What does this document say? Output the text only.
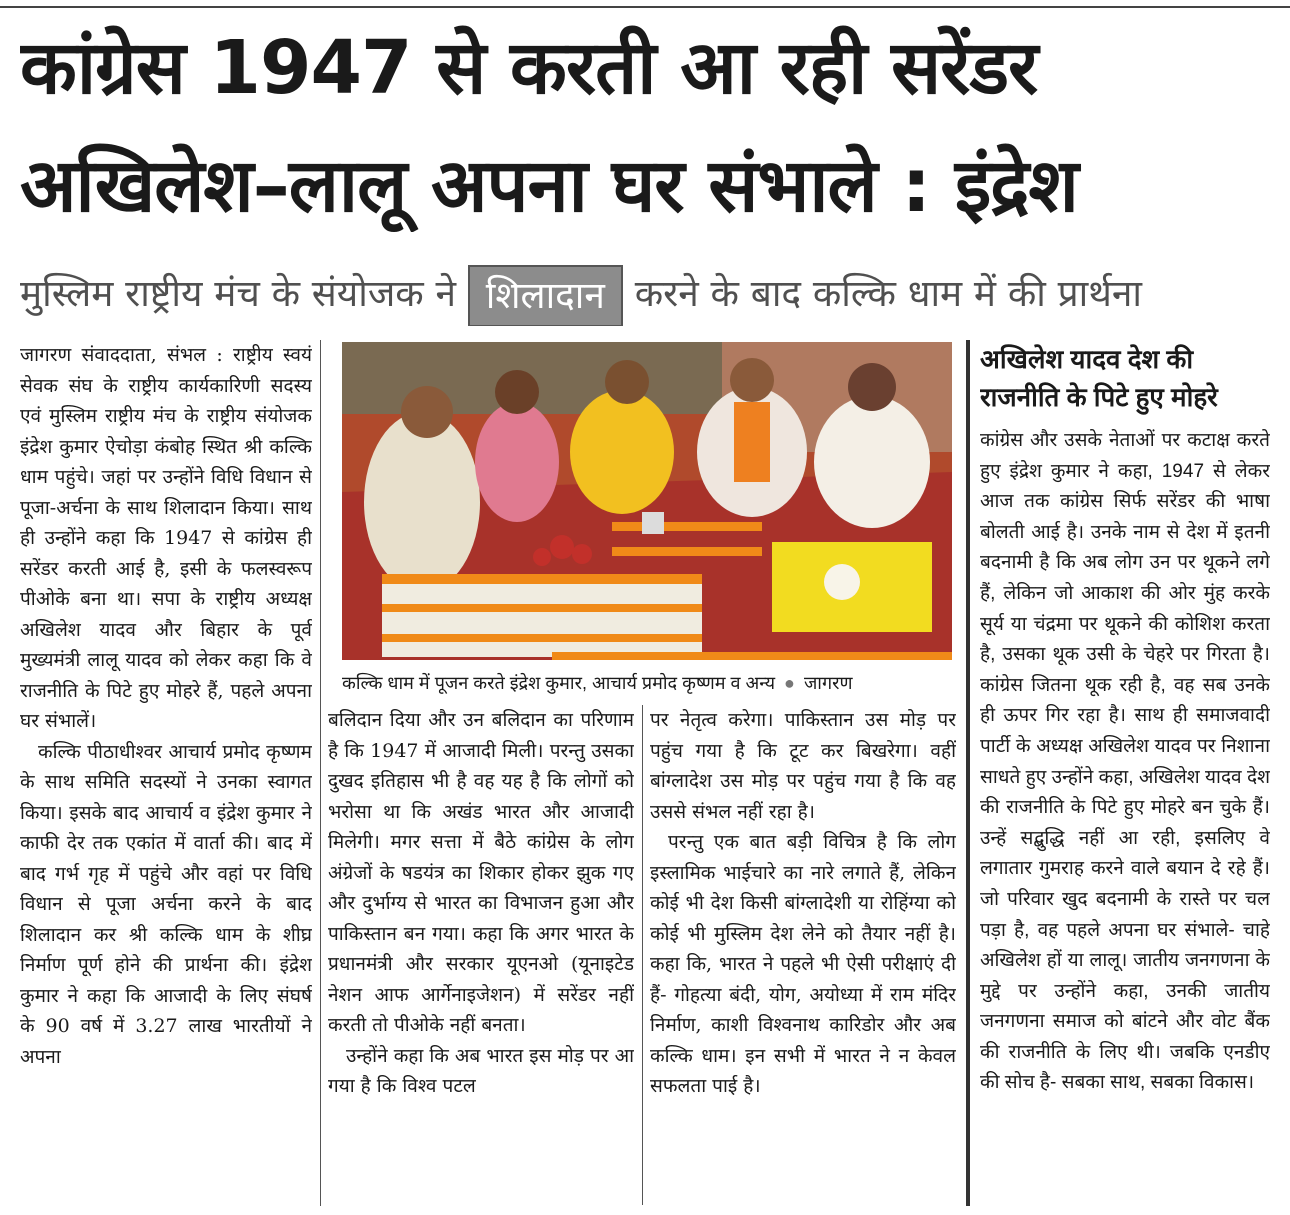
कांग्रेस 1947 से करती आ रही सरेंडर
अखिलेश–लालू अपना घर संभाले : इंद्रेश
मुस्लिम राष्ट्रीय मंच के संयोजक ने शिलादान करने के बाद कल्कि धाम में की प्रार्थना

जागरण संवाददाता, संभल : राष्ट्रीय स्वयं सेवक संघ के राष्ट्रीय कार्यकारिणी सदस्य एवं मुस्लिम राष्ट्रीय मंच के राष्ट्रीय संयोजक इंद्रेश कुमार ऐचोड़ा कंबोह स्थित श्री कल्कि धाम पहुंचे। जहां पर उन्होंने विधि विधान से पूजा-अर्चना के साथ शिलादान किया। साथ ही उन्होंने कहा कि 1947 से कांग्रेस ही सरेंडर करती आई है, इसी के फलस्वरूप पीओके बना था। सपा के राष्ट्रीय अध्यक्ष अखिलेश यादव और बिहार के पूर्व मुख्यमंत्री लालू यादव को लेकर कहा कि वे राजनीति के पिटे हुए मोहरे हैं, पहले अपना घर संभालें।

कल्कि पीठाधीश्वर आचार्य प्रमोद कृष्णम के साथ समिति सदस्यों ने उनका स्वागत किया। इसके बाद आचार्य व इंद्रेश कुमार ने काफी देर तक एकांत में वार्ता की। बाद में बाद गर्भ गृह में पहुंचे और वहां पर विधि विधान से पूजा अर्चना करने के बाद शिलादान कर श्री कल्कि धाम के शीघ्र निर्माण पूर्ण होने की प्रार्थना की। इंद्रेश कुमार ने कहा कि आजादी के लिए संघर्ष के 90 वर्ष में 3.27 लाख भारतीयों ने अपना

कल्कि धाम में पूजन करते इंद्रेश कुमार, आचार्य प्रमोद कृष्णम व अन्य ● जागरण

बलिदान दिया और उन बलिदान का परिणाम है कि 1947 में आजादी मिली। परन्तु उसका दुखद इतिहास भी है वह यह है कि लोगों को भरोसा था कि अखंड भारत और आजादी मिलेगी। मगर सत्ता में बैठे कांग्रेस के लोग अंग्रेजों के षडयंत्र का शिकार होकर झुक गए और दुर्भाग्य से भारत का विभाजन हुआ और पाकिस्तान बन गया। कहा कि अगर भारत के प्रधानमंत्री और सरकार यूएनओ (यूनाइटेड नेशन आफ आर्गेनाइजेशन) में सरेंडर नहीं करती तो पीओके नहीं बनता।

उन्होंने कहा कि अब भारत इस मोड़ पर आ गया है कि विश्व पटल

पर नेतृत्व करेगा। पाकिस्तान उस मोड़ पर पहुंच गया है कि टूट कर बिखरेगा। वहीं बांग्लादेश उस मोड़ पर पहुंच गया है कि वह उससे संभल नहीं रहा है।

परन्तु एक बात बड़ी विचित्र है कि लोग इस्लामिक भाईचारे का नारे लगाते हैं, लेकिन कोई भी देश किसी बांग्लादेशी या रोहिंग्या को कोई भी मुस्लिम देश लेने को तैयार नहीं है। कहा कि, भारत ने पहले भी ऐसी परीक्षाएं दी हैं- गोहत्या बंदी, योग, अयोध्या में राम मंदिर निर्माण, काशी विश्वनाथ कारिडोर और अब कल्कि धाम। इन सभी में भारत ने न केवल सफलता पाई है।

अखिलेश यादव देश की राजनीति के पिटे हुए मोहरे
कांग्रेस और उसके नेताओं पर कटाक्ष करते हुए इंद्रेश कुमार ने कहा, 1947 से लेकर आज तक कांग्रेस सिर्फ सरेंडर की भाषा बोलती आई है। उनके नाम से देश में इतनी बदनामी है कि अब लोग उन पर थूकने लगे हैं, लेकिन जो आकाश की ओर मुंह करके सूर्य या चंद्रमा पर थूकने की कोशिश करता है, उसका थूक उसी के चेहरे पर गिरता है। कांग्रेस जितना थूक रही है, वह सब उनके ही ऊपर गिर रहा है। साथ ही समाजवादी पार्टी के अध्यक्ष अखिलेश यादव पर निशाना साधते हुए उन्होंने कहा, अखिलेश यादव देश की राजनीति के पिटे हुए मोहरे बन चुके हैं। उन्हें सद्बुद्धि नहीं आ रही, इसलिए वे लगातार गुमराह करने वाले बयान दे रहे हैं। जो परिवार खुद बदनामी के रास्ते पर चल पड़ा है, वह पहले अपना घर संभाले- चाहे अखिलेश हों या लालू। जातीय जनगणना के मुद्दे पर उन्होंने कहा, उनकी जातीय जनगणना समाज को बांटने और वोट बैंक की राजनीति के लिए थी। जबकि एनडीए की सोच है- सबका साथ, सबका विकास।
